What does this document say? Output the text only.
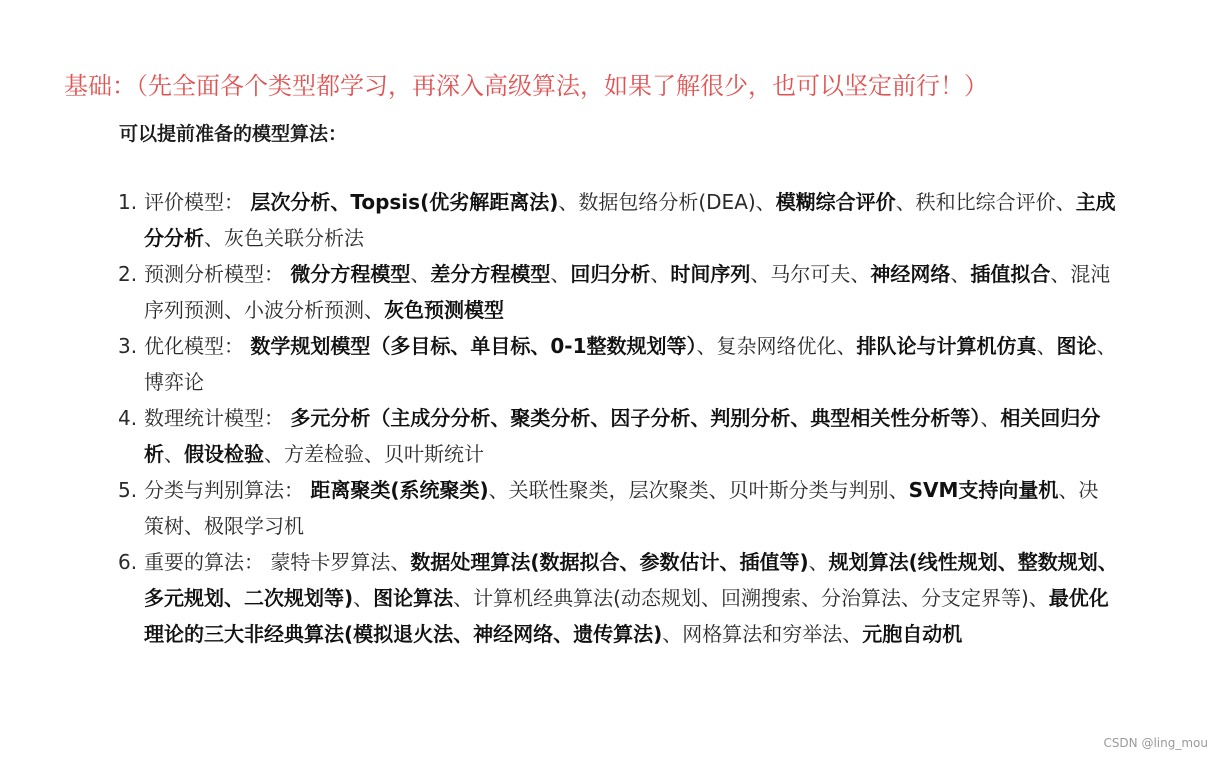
基础：（先全面各个类型都学习，再深入高级算法，如果了解很少，也可以坚定前行！）
可以提前准备的模型算法：
1. 评价模型： 层次分析、Topsis(优劣解距离法)、数据包络分析(DEA)、模糊综合评价、秩和比综合评价、主成分分析、灰色关联分析法
2. 预测分析模型： 微分方程模型、差分方程模型、回归分析、时间序列、马尔可夫、神经网络、插值拟合、混沌序列预测、小波分析预测、灰色预测模型
3. 优化模型： 数学规划模型（多目标、单目标、0-1整数规划等）、复杂网络优化、排队论与计算机仿真、图论、博弈论
4. 数理统计模型： 多元分析（主成分分析、聚类分析、因子分析、判别分析、典型相关性分析等）、相关回归分析、假设检验、方差检验、贝叶斯统计
5. 分类与判别算法： 距离聚类(系统聚类)、关联性聚类，层次聚类、贝叶斯分类与判别、SVM支持向量机、决策树、极限学习机
6. 重要的算法： 蒙特卡罗算法、数据处理算法(数据拟合、参数估计、插值等)、规划算法(线性规划、整数规划、多元规划、二次规划等)、图论算法、计算机经典算法(动态规划、回溯搜索、分治算法、分支定界等)、最优化理论的三大非经典算法(模拟退火法、神经网络、遗传算法)、网格算法和穷举法、元胞自动机
CSDN @ling_mou
